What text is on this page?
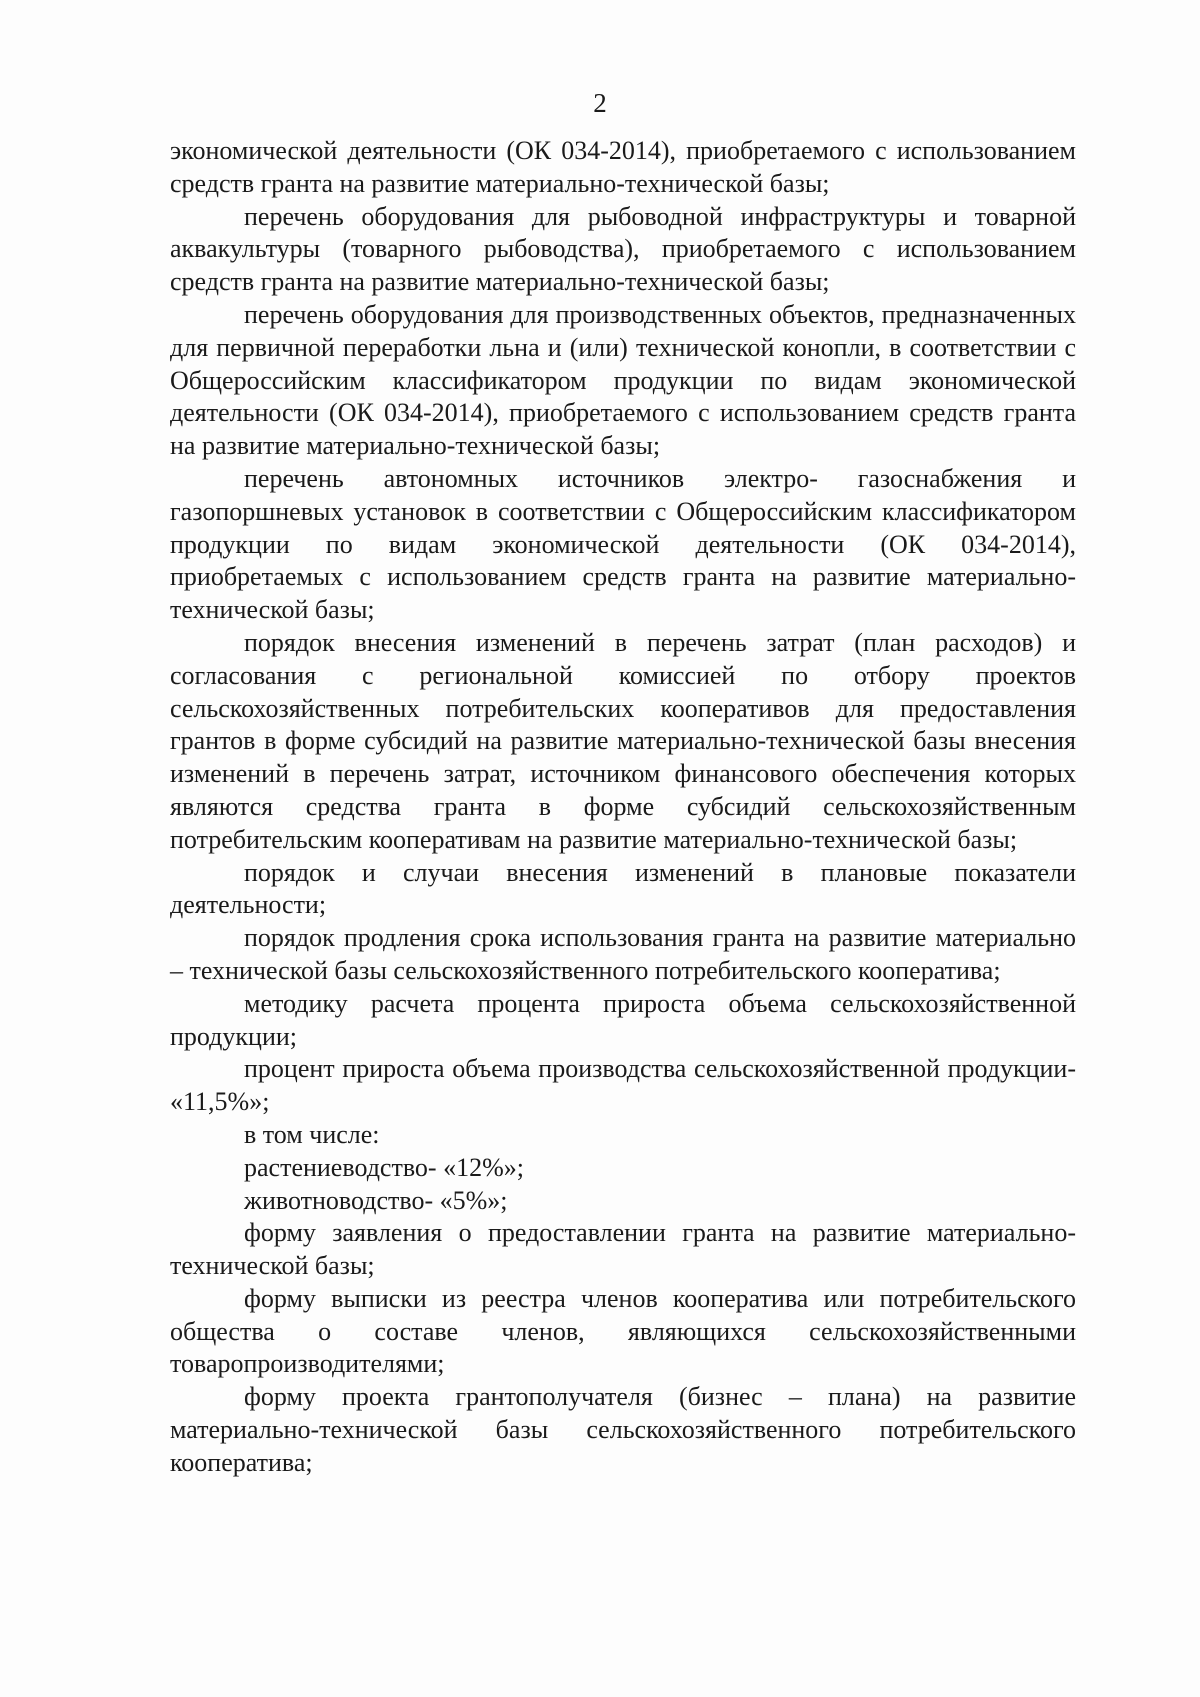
2

экономической деятельности (ОК 034-2014), приобретаемого с использованием средств гранта на развитие материально-технической базы;

перечень оборудования для рыбоводной инфраструктуры и товарной аквакультуры (товарного рыбоводства), приобретаемого с использованием средств гранта на развитие материально-технической базы;

перечень оборудования для производственных объектов, предназначенных для первичной переработки льна и (или) технической конопли, в соответствии с Общероссийским классификатором продукции по видам экономической деятельности (ОК 034-2014), приобретаемого с использованием средств гранта на развитие материально-технической базы;

перечень автономных источников электро- газоснабжения и газопоршневых установок в соответствии с Общероссийским классификатором продукции по видам экономической деятельности (ОК 034-2014), приобретаемых с использованием средств гранта на развитие материально-технической базы;

порядок внесения изменений в перечень затрат (план расходов) и согласования с региональной комиссией по отбору проектов сельскохозяйственных потребительских кооперативов для предоставления грантов в форме субсидий на развитие материально-технической базы внесения изменений в перечень затрат, источником финансового обеспечения которых являются средства гранта в форме субсидий сельскохозяйственным потребительским кооперативам на развитие материально-технической базы;

порядок и случаи внесения изменений в плановые показатели деятельности;

порядок продления срока использования гранта на развитие материально – технической базы сельскохозяйственного потребительского кооператива;

методику расчета процента прироста объема сельскохозяйственной продукции;

процент прироста объема производства сельскохозяйственной продукции- «11,5%»;

в том числе:

растениеводство- «12%»;

животноводство- «5%»;

форму заявления о предоставлении гранта на развитие материально-технической базы;

форму выписки из реестра членов кооператива или потребительского общества о составе членов, являющихся сельскохозяйственными товаропроизводителями;

форму проекта грантополучателя (бизнес – плана) на развитие материально-технической базы сельскохозяйственного потребительского кооператива;
